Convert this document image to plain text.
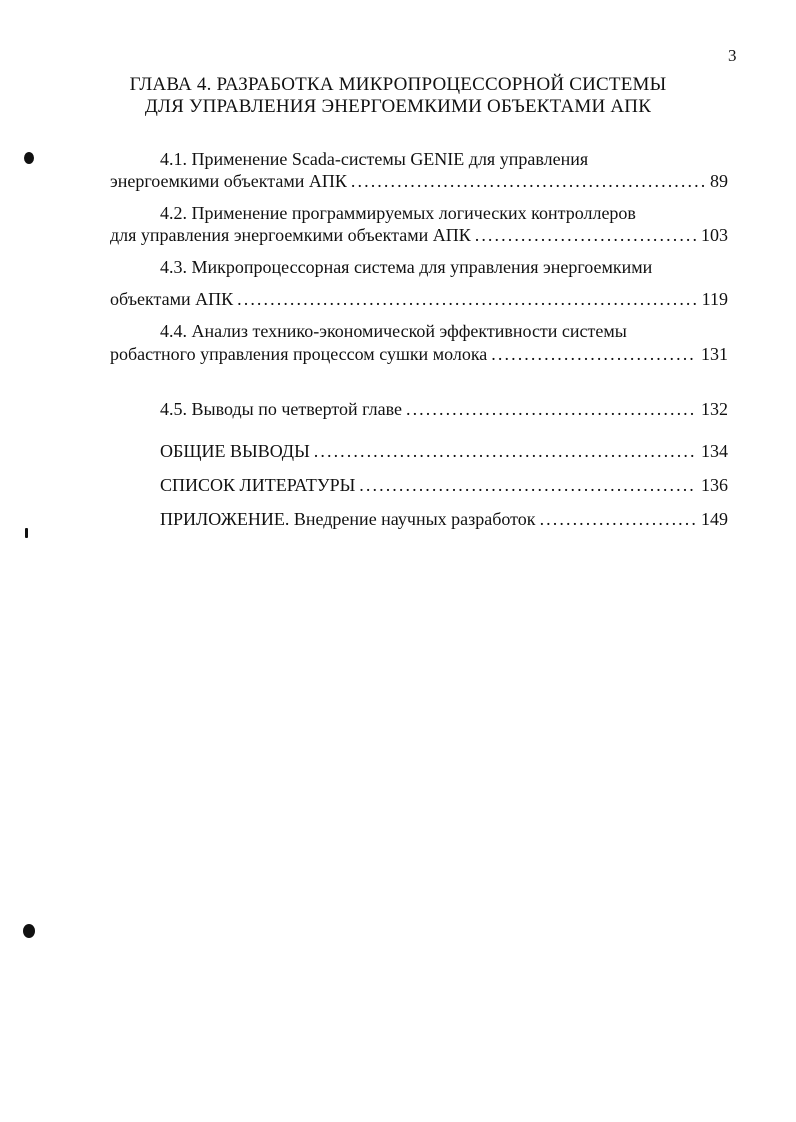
3
ГЛАВА 4. РАЗРАБОТКА МИКРОПРОЦЕССОРНОЙ СИСТЕМЫ
ДЛЯ УПРАВЛЕНИЯ ЭНЕРГОЕМКИМИ ОБЪЕКТАМИ АПК
4.1. Применение Scada-системы GENIE для управления
энергоемкими объектами АПК . . .	89
4.2. Применение программируемых логических контроллеров
для управления энергоемкими объектами АПК . . .	103
4.3. Микропроцессорная система для управления энергоемкими
объектами АПК . . .	119
4.4. Анализ технико-экономической эффективности системы
робастного управления процессом сушки молока . . .	131
4.5. Выводы по четвертой главе . . .	132
ОБЩИЕ ВЫВОДЫ . . .	134
СПИСОК ЛИТЕРАТУРЫ . . .	136
ПРИЛОЖЕНИЕ. Внедрение научных разработок . . .	149
